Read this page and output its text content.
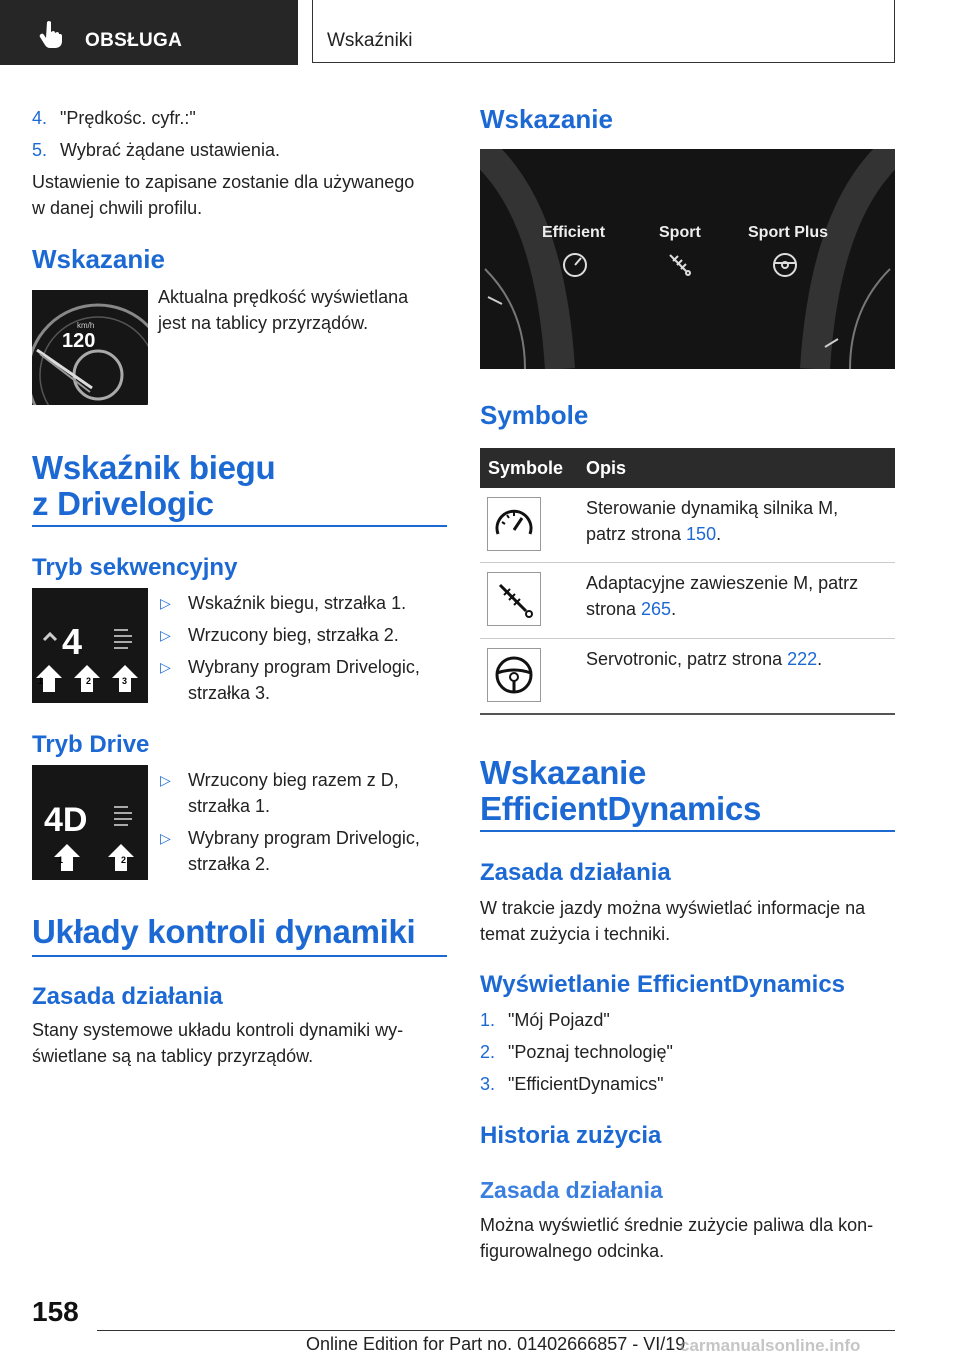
OBSŁUGA	Wskaźniki
4. "Prędkośc. cyfr.:"
5. Wybrać żądane ustawienia.
Ustawienie to zapisane zostanie dla używanego
w danej chwili profilu.
Wskazanie
km/h
120
Aktualna prędkość wyświetlana
jest na tablicy przyrządów.
Wskaźnik biegu
z Drivelogic
Tryb sekwencyjny
4
1	2	3
▷ Wskaźnik biegu, strzałka 1.
▷ Wrzucony bieg, strzałka 2.
▷ Wybrany program Drivelogic,
strzałka 3.
Tryb Drive
4D
1	2
▷ Wrzucony bieg razem z D,
strzałka 1.
▷ Wybrany program Drivelogic,
strzałka 2.
Układy kontroli dynamiki
Zasada działania
Stany systemowe układu kontroli dynamiki wy-
świetlane są na tablicy przyrządów.
Wskazanie
Efficient	Sport	Sport Plus
Symbole
Symbole Opis
Sterowanie dynamiką silnika M,
patrz strona 150.
Adaptacyjne zawieszenie M, patrz
strona 265.
Servotronic, patrz strona 222.
Wskazanie
EfficientDynamics
Zasada działania
W trakcie jazdy można wyświetlać informacje na
temat zużycia i techniki.
Wyświetlanie EfficientDynamics
1. "Mój Pojazd"
2. "Poznaj technologię"
3. "EfficientDynamics"
Historia zużycia
Zasada działania
Można wyświetlić średnie zużycie paliwa dla kon-
figurowalnego odcinka.
158
Online Edition for Part no. 01402666857 - VI/19
carmanualsonline.info
